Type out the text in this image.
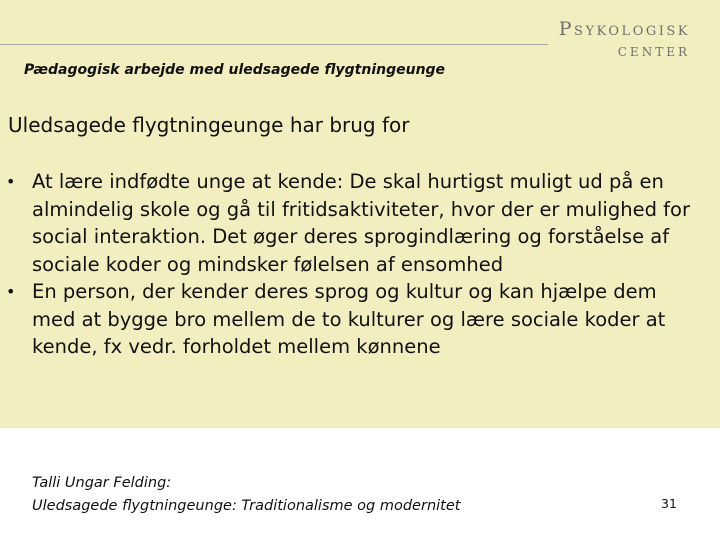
Psykologisk
center
Pædagogisk arbejde med uledsagede flygtningeunge
Uledsagede flygtningeunge har brug for
• At lære indfødte unge at kende: De skal hurtigst muligt ud på en almindelig skole og gå til fritidsaktiviteter, hvor der er mulighed for social interaktion. Det øger deres sprogindlæring og forståelse af sociale koder og mindsker følelsen af ensomhed
• En person, der kender deres sprog og kultur og kan hjælpe dem med at bygge bro mellem de to kulturer og lære sociale koder at kende, fx vedr. forholdet mellem kønnene
Talli Ungar Felding:
Uledsagede flygtningeunge: Traditionalisme og modernitet	31
